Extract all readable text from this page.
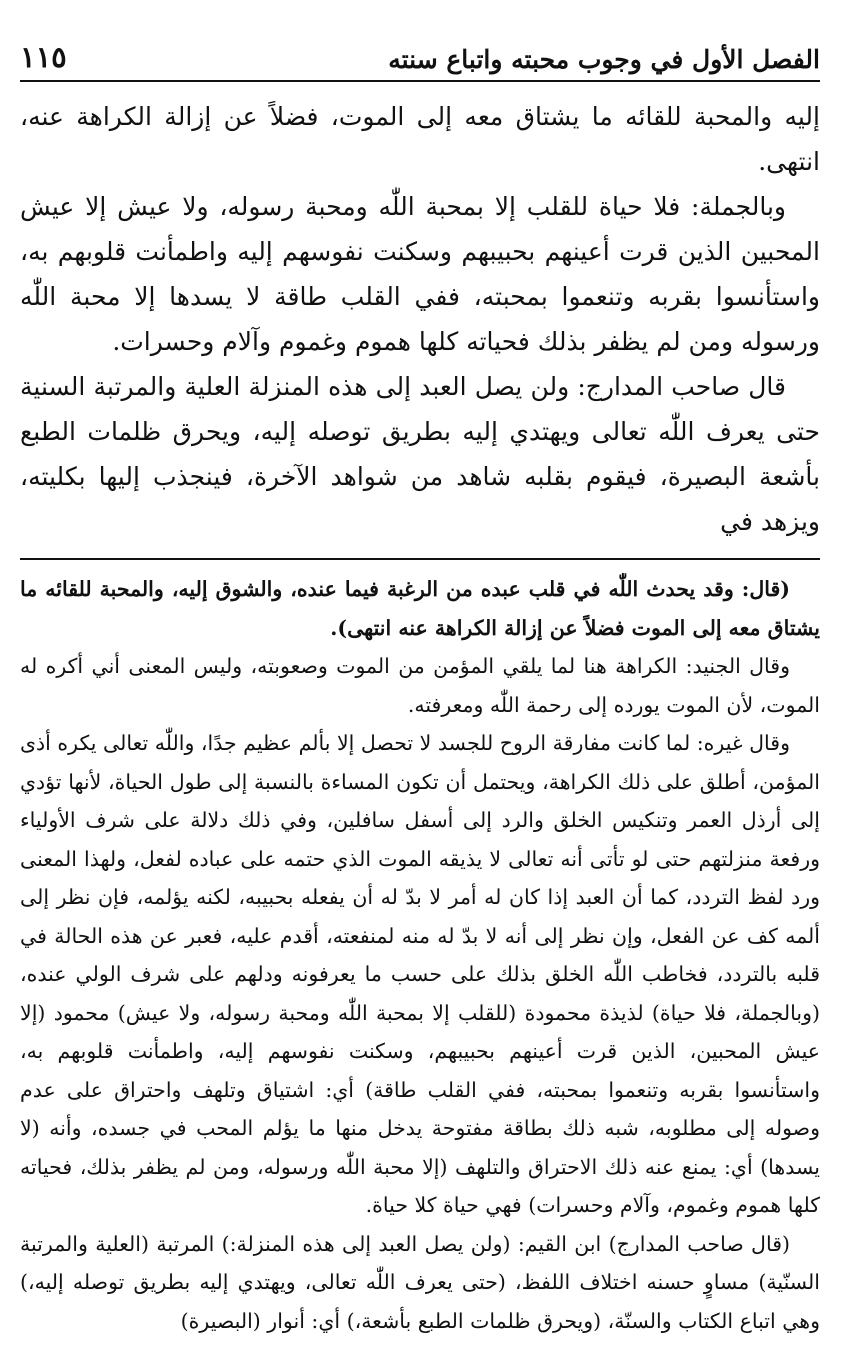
الفصل الأول في وجوب محبته واتباع سنته
١١٥

إليه والمحبة للقائه ما يشتاق معه إلى الموت، فضلاً عن إزالة الكراهة عنه، انتهى.

وبالجملة: فلا حياة للقلب إلا بمحبة اللّٰه ومحبة رسوله، ولا عيش إلا عيش المحبين الذين قرت أعينهم بحبيبهم وسكنت نفوسهم إليه واطمأنت قلوبهم به، واستأنسوا بقربه وتنعموا بمحبته، ففي القلب طاقة لا يسدها إلا محبة اللّٰه ورسوله ومن لم يظفر بذلك فحياته كلها هموم وغموم وآلام وحسرات.

قال صاحب المدارج: ولن يصل العبد إلى هذه المنزلة العلية والمرتبة السنية حتى يعرف اللّٰه تعالى ويهتدي إليه بطريق توصله إليه، ويحرق ظلمات الطبع بأشعة البصيرة، فيقوم بقلبه شاهد من شواهد الآخرة، فينجذب إليها بكليته، ويزهد في

(قال: وقد يحدث اللّٰه في قلب عبده من الرغبة فيما عنده، والشوق إليه، والمحبة للقائه ما يشتاق معه إلى الموت فضلاً عن إزالة الكراهة عنه انتهى).

وقال الجنيد: الكراهة هنا لما يلقي المؤمن من الموت وصعوبته، وليس المعنى أني أكره له الموت، لأن الموت يورده إلى رحمة اللّٰه ومعرفته.

وقال غيره: لما كانت مفارقة الروح للجسد لا تحصل إلا بألم عظيم جدًا، واللّٰه تعالى يكره أذى المؤمن، أطلق على ذلك الكراهة، ويحتمل أن تكون المساءة بالنسبة إلى طول الحياة، لأنها تؤدي إلى أرذل العمر وتنكيس الخلق والرد إلى أسفل سافلين، وفي ذلك دلالة على شرف الأولياء ورفعة منزلتهم حتى لو تأتى أنه تعالى لا يذيقه الموت الذي حتمه على عباده لفعل، ولهذا المعنى ورد لفظ التردد، كما أن العبد إذا كان له أمر لا بدّ له أن يفعله بحبيبه، لكنه يؤلمه، فإن نظر إلى ألمه كف عن الفعل، وإن نظر إلى أنه لا بدّ له منه لمنفعته، أقدم عليه، فعبر عن هذه الحالة في قلبه بالتردد، فخاطب اللّٰه الخلق بذلك على حسب ما يعرفونه ودلهم على شرف الولي عنده، (وبالجملة، فلا حياة) لذيذة محمودة (للقلب إلا بمحبة اللّٰه ومحبة رسوله، ولا عيش) محمود (إلا عيش المحبين، الذين قرت أعينهم بحبيبهم، وسكنت نفوسهم إليه، واطمأنت قلوبهم به، واستأنسوا بقربه وتنعموا بمحبته، ففي القلب طاقة) أي: اشتياق وتلهف واحتراق على عدم وصوله إلى مطلوبه، شبه ذلك بطاقة مفتوحة يدخل منها ما يؤلم المحب في جسده، وأنه (لا يسدها) أي: يمنع عنه ذلك الاحتراق والتلهف (إلا محبة اللّٰه ورسوله، ومن لم يظفر بذلك، فحياته كلها هموم وغموم، وآلام وحسرات) فهي حياة كلا حياة.

(قال صاحب المدارج) ابن القيم: (ولن يصل العبد إلى هذه المنزلة:) المرتبة (العلية والمرتبة السنّية) مساوٍ حسنه اختلاف اللفظ، (حتى يعرف اللّٰه تعالى، ويهتدي إليه بطريق توصله إليه،) وهي اتباع الكتاب والسنّة، (ويحرق ظلمات الطبع بأشعة،) أي: أنوار (البصيرة)
